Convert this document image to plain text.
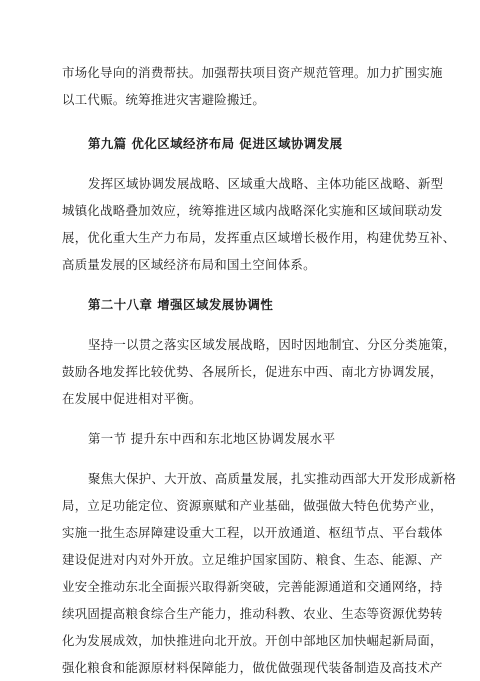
市场化导向的消费帮扶。加强帮扶项目资产规范管理。加力扩围实施
以工代赈。统筹推进灾害避险搬迁。

第九篇 优化区域经济布局 促进区域协调发展

发挥区域协调发展战略、区域重大战略、主体功能区战略、新型
城镇化战略叠加效应，统筹推进区域内战略深化实施和区域间联动发
展，优化重大生产力布局，发挥重点区域增长极作用，构建优势互补、
高质量发展的区域经济布局和国土空间体系。

第二十八章 增强区域发展协调性

坚持一以贯之落实区域发展战略，因时因地制宜、分区分类施策，
鼓励各地发挥比较优势、各展所长，促进东中西、南北方协调发展，
在发展中促进相对平衡。

第一节 提升东中西和东北地区协调发展水平

聚焦大保护、大开放、高质量发展，扎实推动西部大开发形成新格
局，立足功能定位、资源禀赋和产业基础，做强做大特色优势产业，
实施一批生态屏障建设重大工程，以开放通道、枢纽节点、平台载体
建设促进对内对外开放。立足维护国家国防、粮食、生态、能源、产
业安全推动东北全面振兴取得新突破，完善能源通道和交通网络，持
续巩固提高粮食综合生产能力，推动科教、农业、生态等资源优势转
化为发展成效，加快推进向北开放。开创中部地区加快崛起新局面，
强化粮食和能源原材料保障能力，做优做强现代装备制造及高技术产
